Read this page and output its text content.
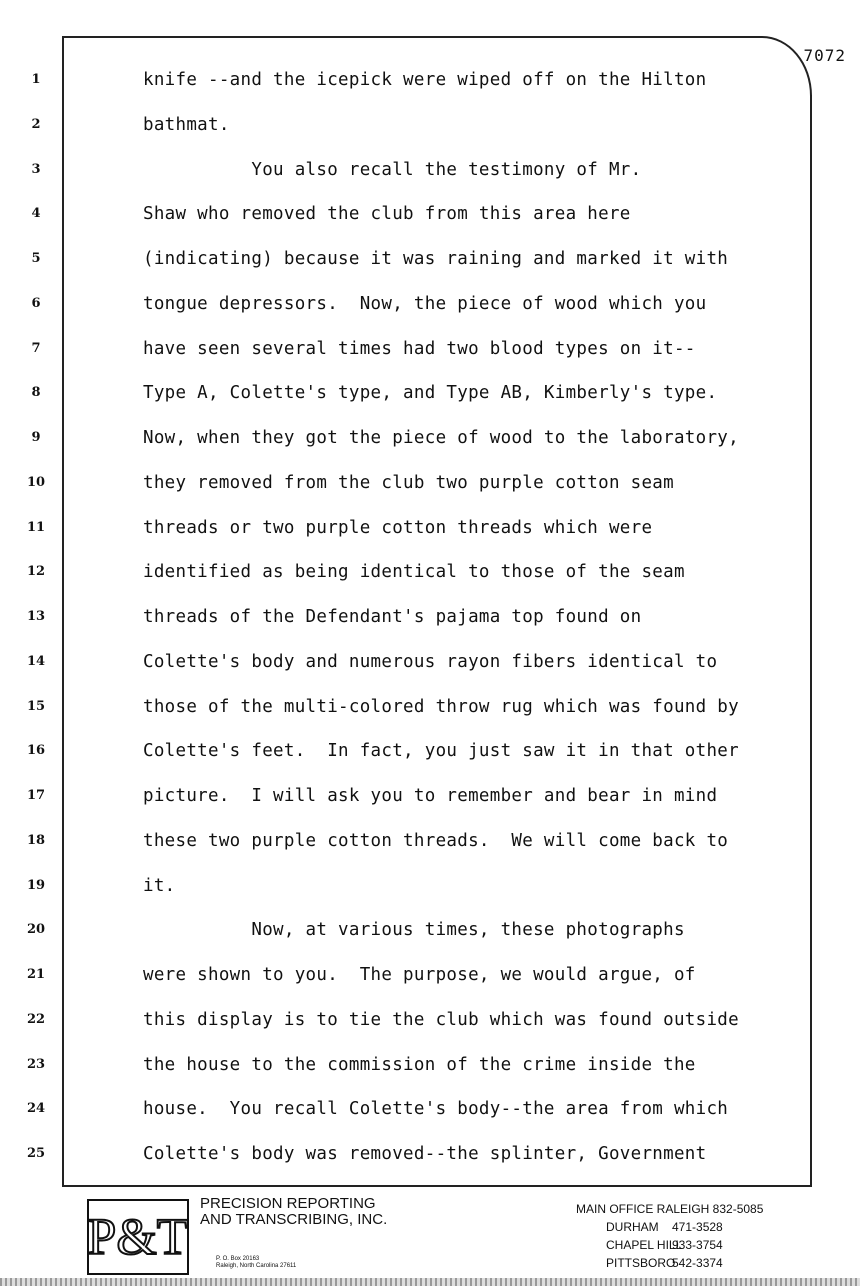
7072
1	knife --and the icepick were wiped off on the Hilton
2	bathmat.
3	You also recall the testimony of Mr.
4	Shaw who removed the club from this area here
5	(indicating) because it was raining and marked it with
6	tongue depressors.  Now, the piece of wood which you
7	have seen several times had two blood types on it--
8	Type A, Colette's type, and Type AB, Kimberly's type.
9	Now, when they got the piece of wood to the laboratory,
10	they removed from the club two purple cotton seam
11	threads or two purple cotton threads which were
12	identified as being identical to those of the seam
13	threads of the Defendant's pajama top found on
14	Colette's body and numerous rayon fibers identical to
15	those of the multi-colored throw rug which was found by
16	Colette's feet.  In fact, you just saw it in that other
17	picture.  I will ask you to remember and bear in mind
18	these two purple cotton threads.  We will come back to
19	it.
20	Now, at various times, these photographs
21	were shown to you.  The purpose, we would argue, of
22	this display is to tie the club which was found outside
23	the house to the commission of the crime inside the
24	house.  You recall Colette's body--the area from which
25	Colette's body was removed--the splinter, Government
P&T
PRECISION REPORTING
AND TRANSCRIBING, INC.
P. O. Box 20163
Raleigh, North Carolina 27611
MAIN OFFICE RALEIGH 832-5085
DURHAM 471-3528
CHAPEL HILL
933-3754
PITTSBORO
542-3374
